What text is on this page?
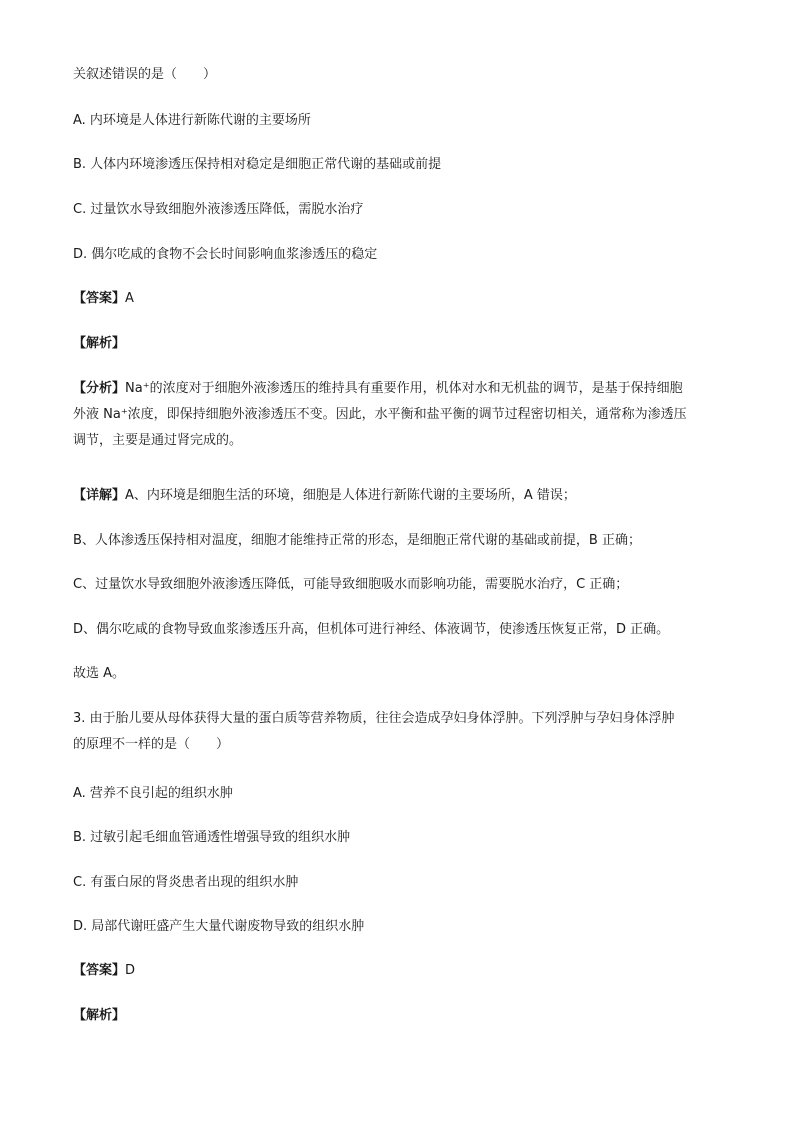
关叙述错误的是（　　）
A. 内环境是人体进行新陈代谢的主要场所
B. 人体内环境渗透压保持相对稳定是细胞正常代谢的基础或前提
C. 过量饮水导致细胞外液渗透压降低，需脱水治疗
D. 偶尔吃咸的食物不会长时间影响血浆渗透压的稳定
【答案】A
【解析】
【分析】Na⁺的浓度对于细胞外液渗透压的维持具有重要作用，机体对水和无机盐的调节，是基于保持细胞
外液 Na⁺浓度，即保持细胞外液渗透压不变。因此，水平衡和盐平衡的调节过程密切相关，通常称为渗透压
调节，主要是通过肾完成的。
【详解】A、内环境是细胞生活的环境，细胞是人体进行新陈代谢的主要场所，A 错误；
B、人体渗透压保持相对温度，细胞才能维持正常的形态，是细胞正常代谢的基础或前提，B 正确；
C、过量饮水导致细胞外液渗透压降低，可能导致细胞吸水而影响功能，需要脱水治疗，C 正确；
D、偶尔吃咸的食物导致血浆渗透压升高，但机体可进行神经、体液调节，使渗透压恢复正常，D 正确。
故选 A。
3. 由于胎儿要从母体获得大量的蛋白质等营养物质，往往会造成孕妇身体浮肿。下列浮肿与孕妇身体浮肿
的原理不一样的是（　　）
A. 营养不良引起的组织水肿
B. 过敏引起毛细血管通透性增强导致的组织水肿
C. 有蛋白尿的肾炎患者出现的组织水肿
D. 局部代谢旺盛产生大量代谢废物导致的组织水肿
【答案】D
【解析】
